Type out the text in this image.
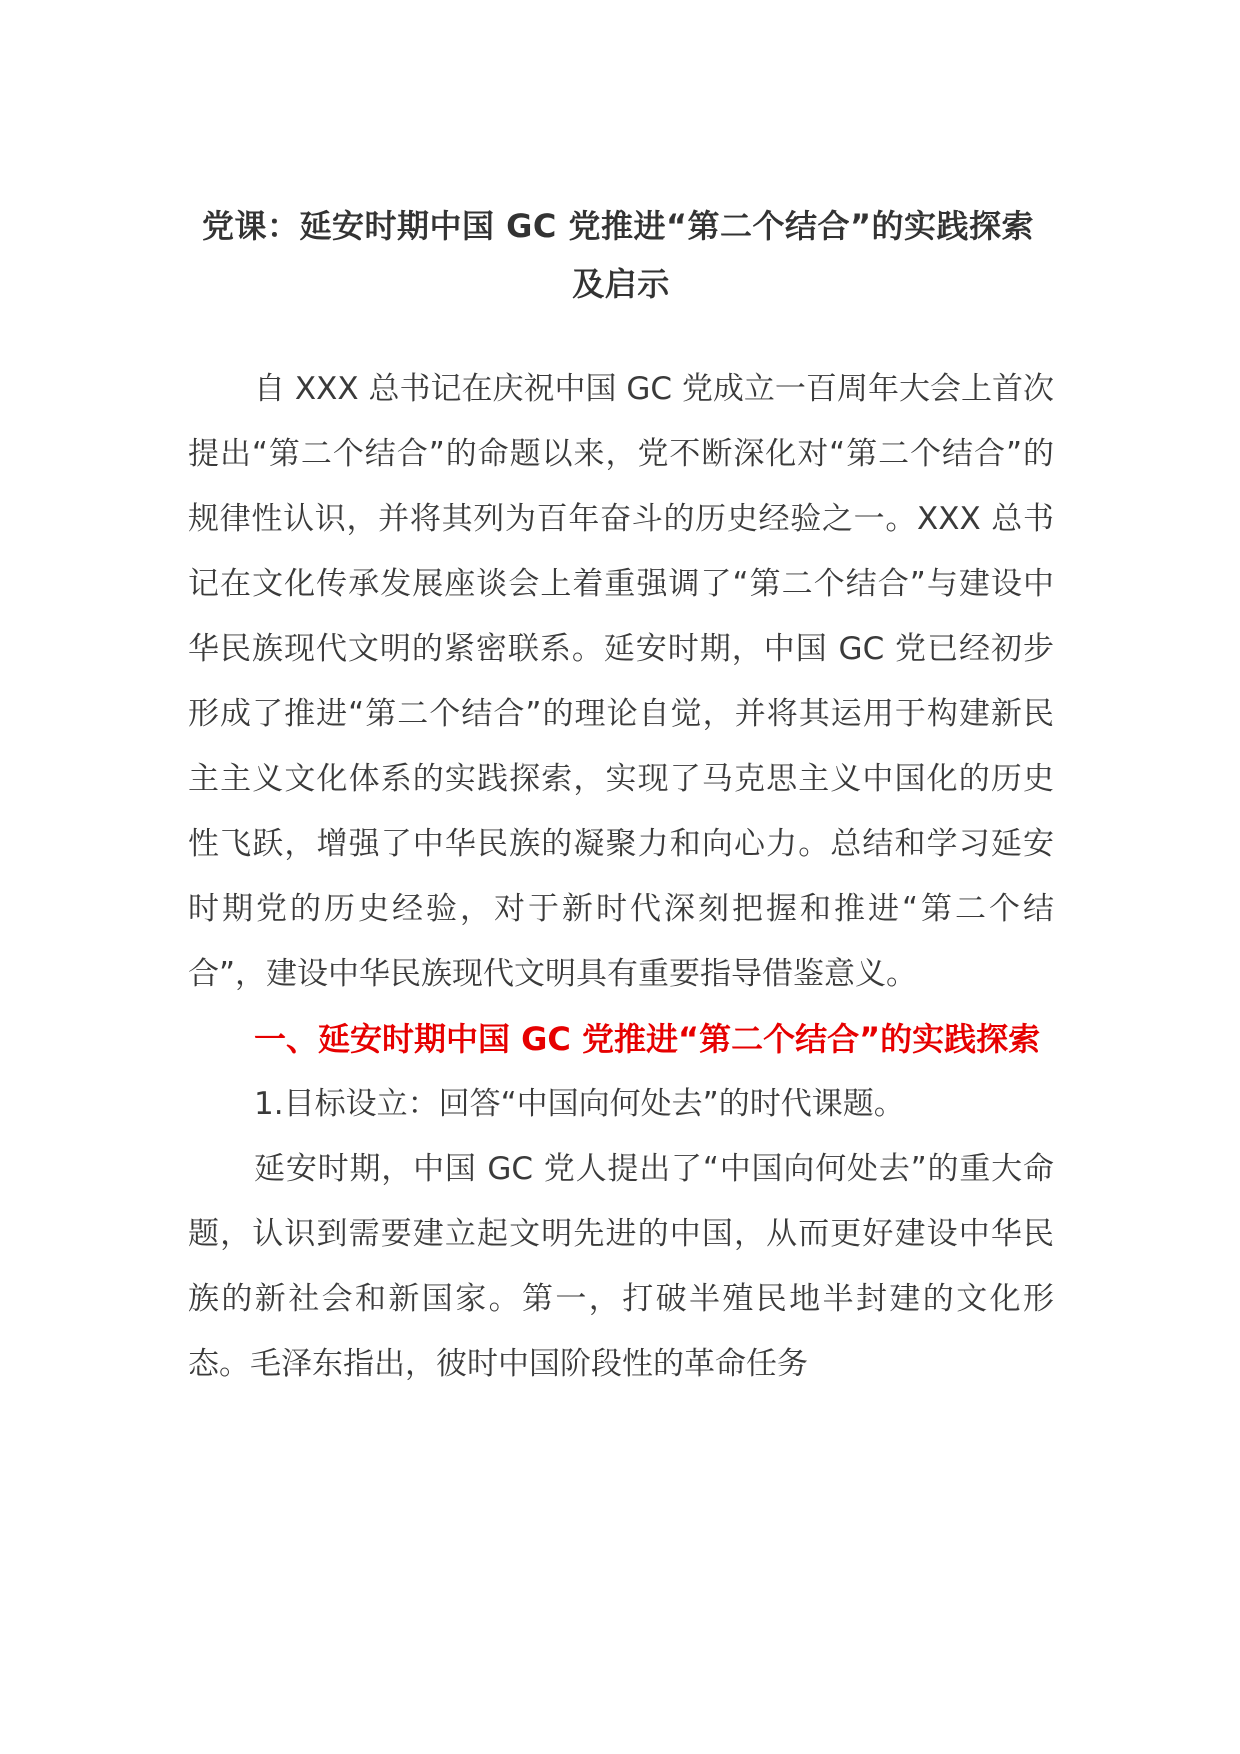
党课：延安时期中国 GC 党推进“第二个结合”的实践探索
及启示

自 XXX 总书记在庆祝中国 GC 党成立一百周年大会上首次提出“第二个结合”的命题以来，党不断深化对“第二个结合”的规律性认识，并将其列为百年奋斗的历史经验之一。XXX 总书记在文化传承发展座谈会上着重强调了“第二个结合”与建设中华民族现代文明的紧密联系。延安时期，中国 GC 党已经初步形成了推进“第二个结合”的理论自觉，并将其运用于构建新民主主义文化体系的实践探索，实现了马克思主义中国化的历史性飞跃，增强了中华民族的凝聚力和向心力。总结和学习延安时期党的历史经验，对于新时代深刻把握和推进“第二个结合”，建设中华民族现代文明具有重要指导借鉴意义。

一、延安时期中国 GC 党推进“第二个结合”的实践探索

1.目标设立：回答“中国向何处去”的时代课题。

延安时期，中国 GC 党人提出了“中国向何处去”的重大命题，认识到需要建立起文明先进的中国，从而更好建设中华民族的新社会和新国家。第一，打破半殖民地半封建的文化形态。毛泽东指出，彼时中国阶段性的革命任务
